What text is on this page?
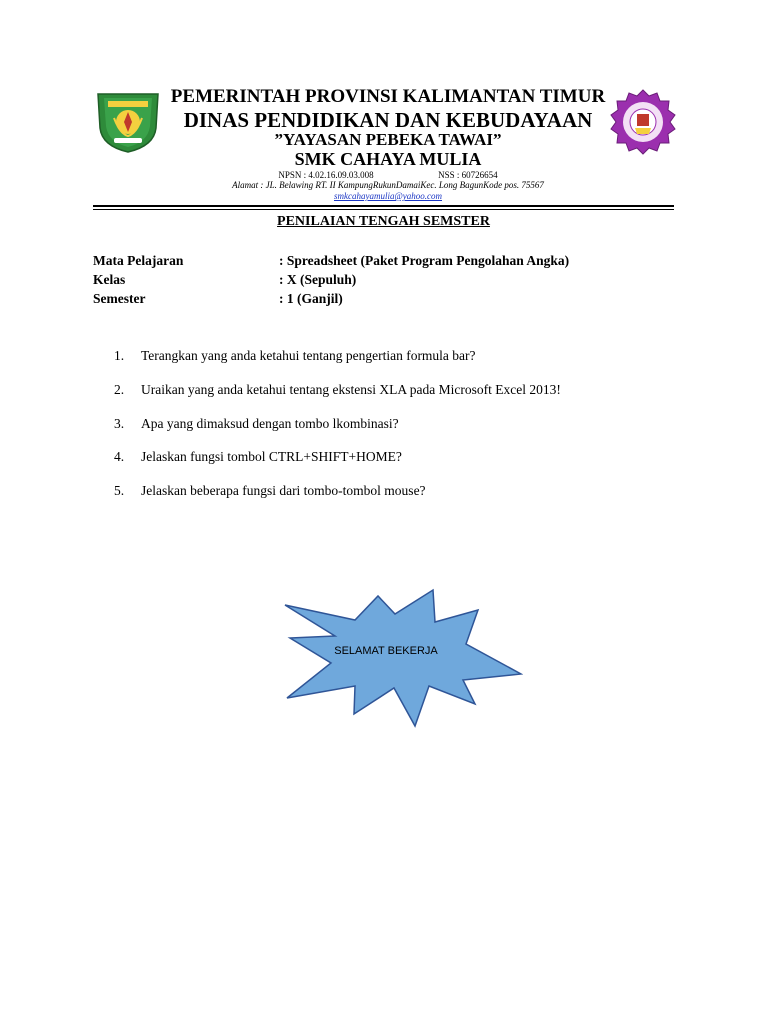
PEMERINTAH PROVINSI KALIMANTAN TIMUR
DINAS PENDIDIKAN DAN KEBUDAYAAN
”YAYASAN PEBEKA TAWAI”
SMK CAHAYA MULIA
NPSN : 4.02.16.09.03.008	NSS : 60726654
Alamat : JL. Belawing RT. II KampungRukunDamaiKec. Long BagunKode pos. 75567
smkcahayamulia@yahoo.com
PENILAIAN TENGAH SEMSTER
Mata Pelajaran	: Spreadsheet (Paket Program Pengolahan Angka)
Kelas	: X (Sepuluh)
Semester	: 1 (Ganjil)
1. Terangkan yang anda ketahui tentang pengertian formula bar?
2. Uraikan yang anda ketahui tentang ekstensi XLA pada Microsoft Excel 2013!
3. Apa yang dimaksud dengan tombo lkombinasi?
4. Jelaskan fungsi tombol CTRL+SHIFT+HOME?
5. Jelaskan beberapa fungsi dari tombo-tombol mouse?
SELAMAT BEKERJA
